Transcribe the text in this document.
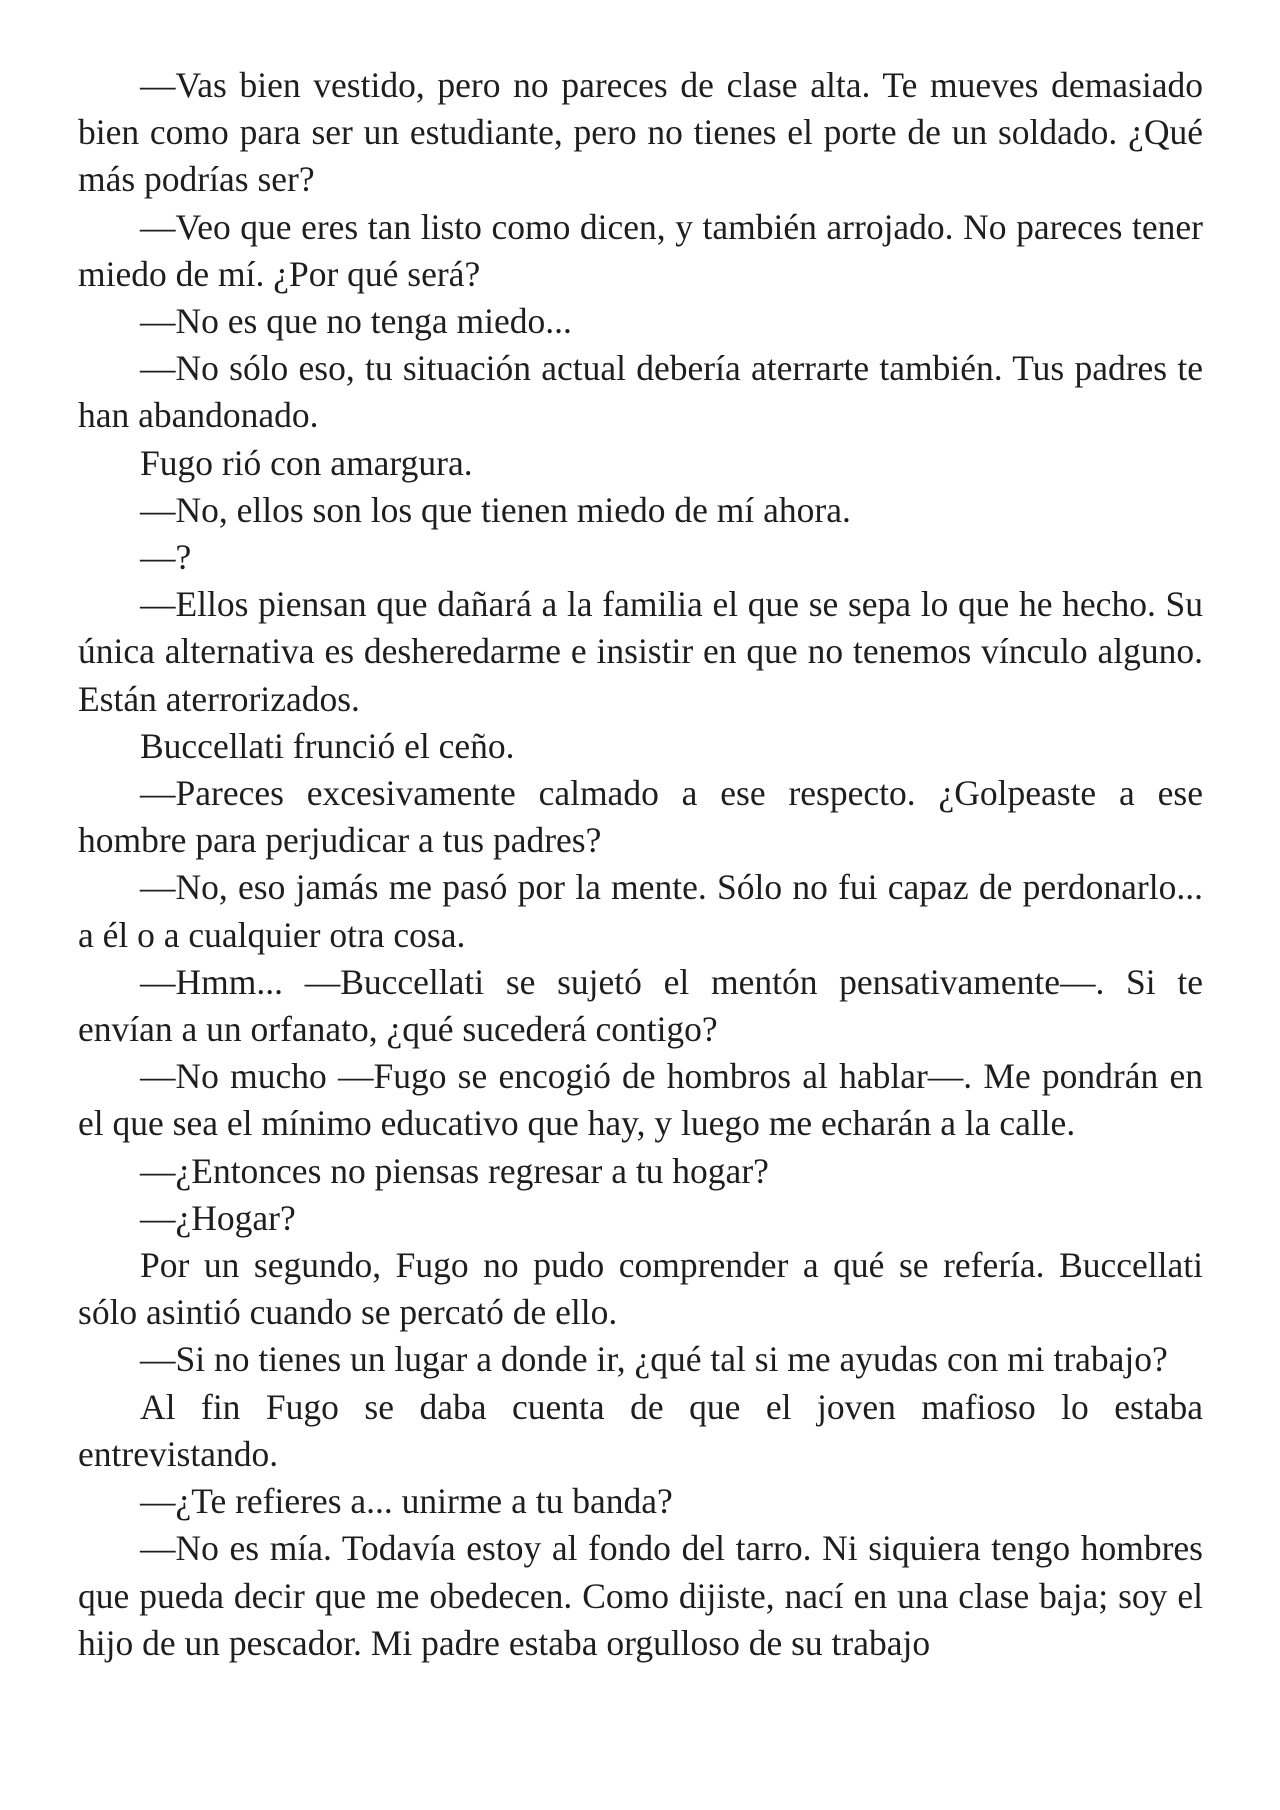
—Vas bien vestido, pero no pareces de clase alta. Te mueves demasiado bien como para ser un estudiante, pero no tienes el porte de un soldado. ¿Qué más podrías ser?

—Veo que eres tan listo como dicen, y también arrojado. No pareces tener miedo de mí. ¿Por qué será?

—No es que no tenga miedo...

—No sólo eso, tu situación actual debería aterrarte también. Tus padres te han abandonado.

Fugo rió con amargura.

—No, ellos son los que tienen miedo de mí ahora.

—?

—Ellos piensan que dañará a la familia el que se sepa lo que he hecho. Su única alternativa es desheredarme e insistir en que no tenemos vínculo alguno. Están aterrorizados.

Buccellati frunció el ceño.

—Pareces excesivamente calmado a ese respecto. ¿Golpeaste a ese hombre para perjudicar a tus padres?

—No, eso jamás me pasó por la mente. Sólo no fui capaz de perdonarlo... a él o a cualquier otra cosa.

—Hmm... —Buccellati se sujetó el mentón pensativamente—. Si te envían a un orfanato, ¿qué sucederá contigo?

—No mucho —Fugo se encogió de hombros al hablar—. Me pondrán en el que sea el mínimo educativo que hay, y luego me echarán a la calle.

—¿Entonces no piensas regresar a tu hogar?

—¿Hogar?

Por un segundo, Fugo no pudo comprender a qué se refería. Buccellati sólo asintió cuando se percató de ello.

—Si no tienes un lugar a donde ir, ¿qué tal si me ayudas con mi trabajo?

Al fin Fugo se daba cuenta de que el joven mafioso lo estaba entrevistando.

—¿Te refieres a... unirme a tu banda?

—No es mía. Todavía estoy al fondo del tarro. Ni siquiera tengo hombres que pueda decir que me obedecen. Como dijiste, nací en una clase baja; soy el hijo de un pescador. Mi padre estaba orgulloso de su trabajo
